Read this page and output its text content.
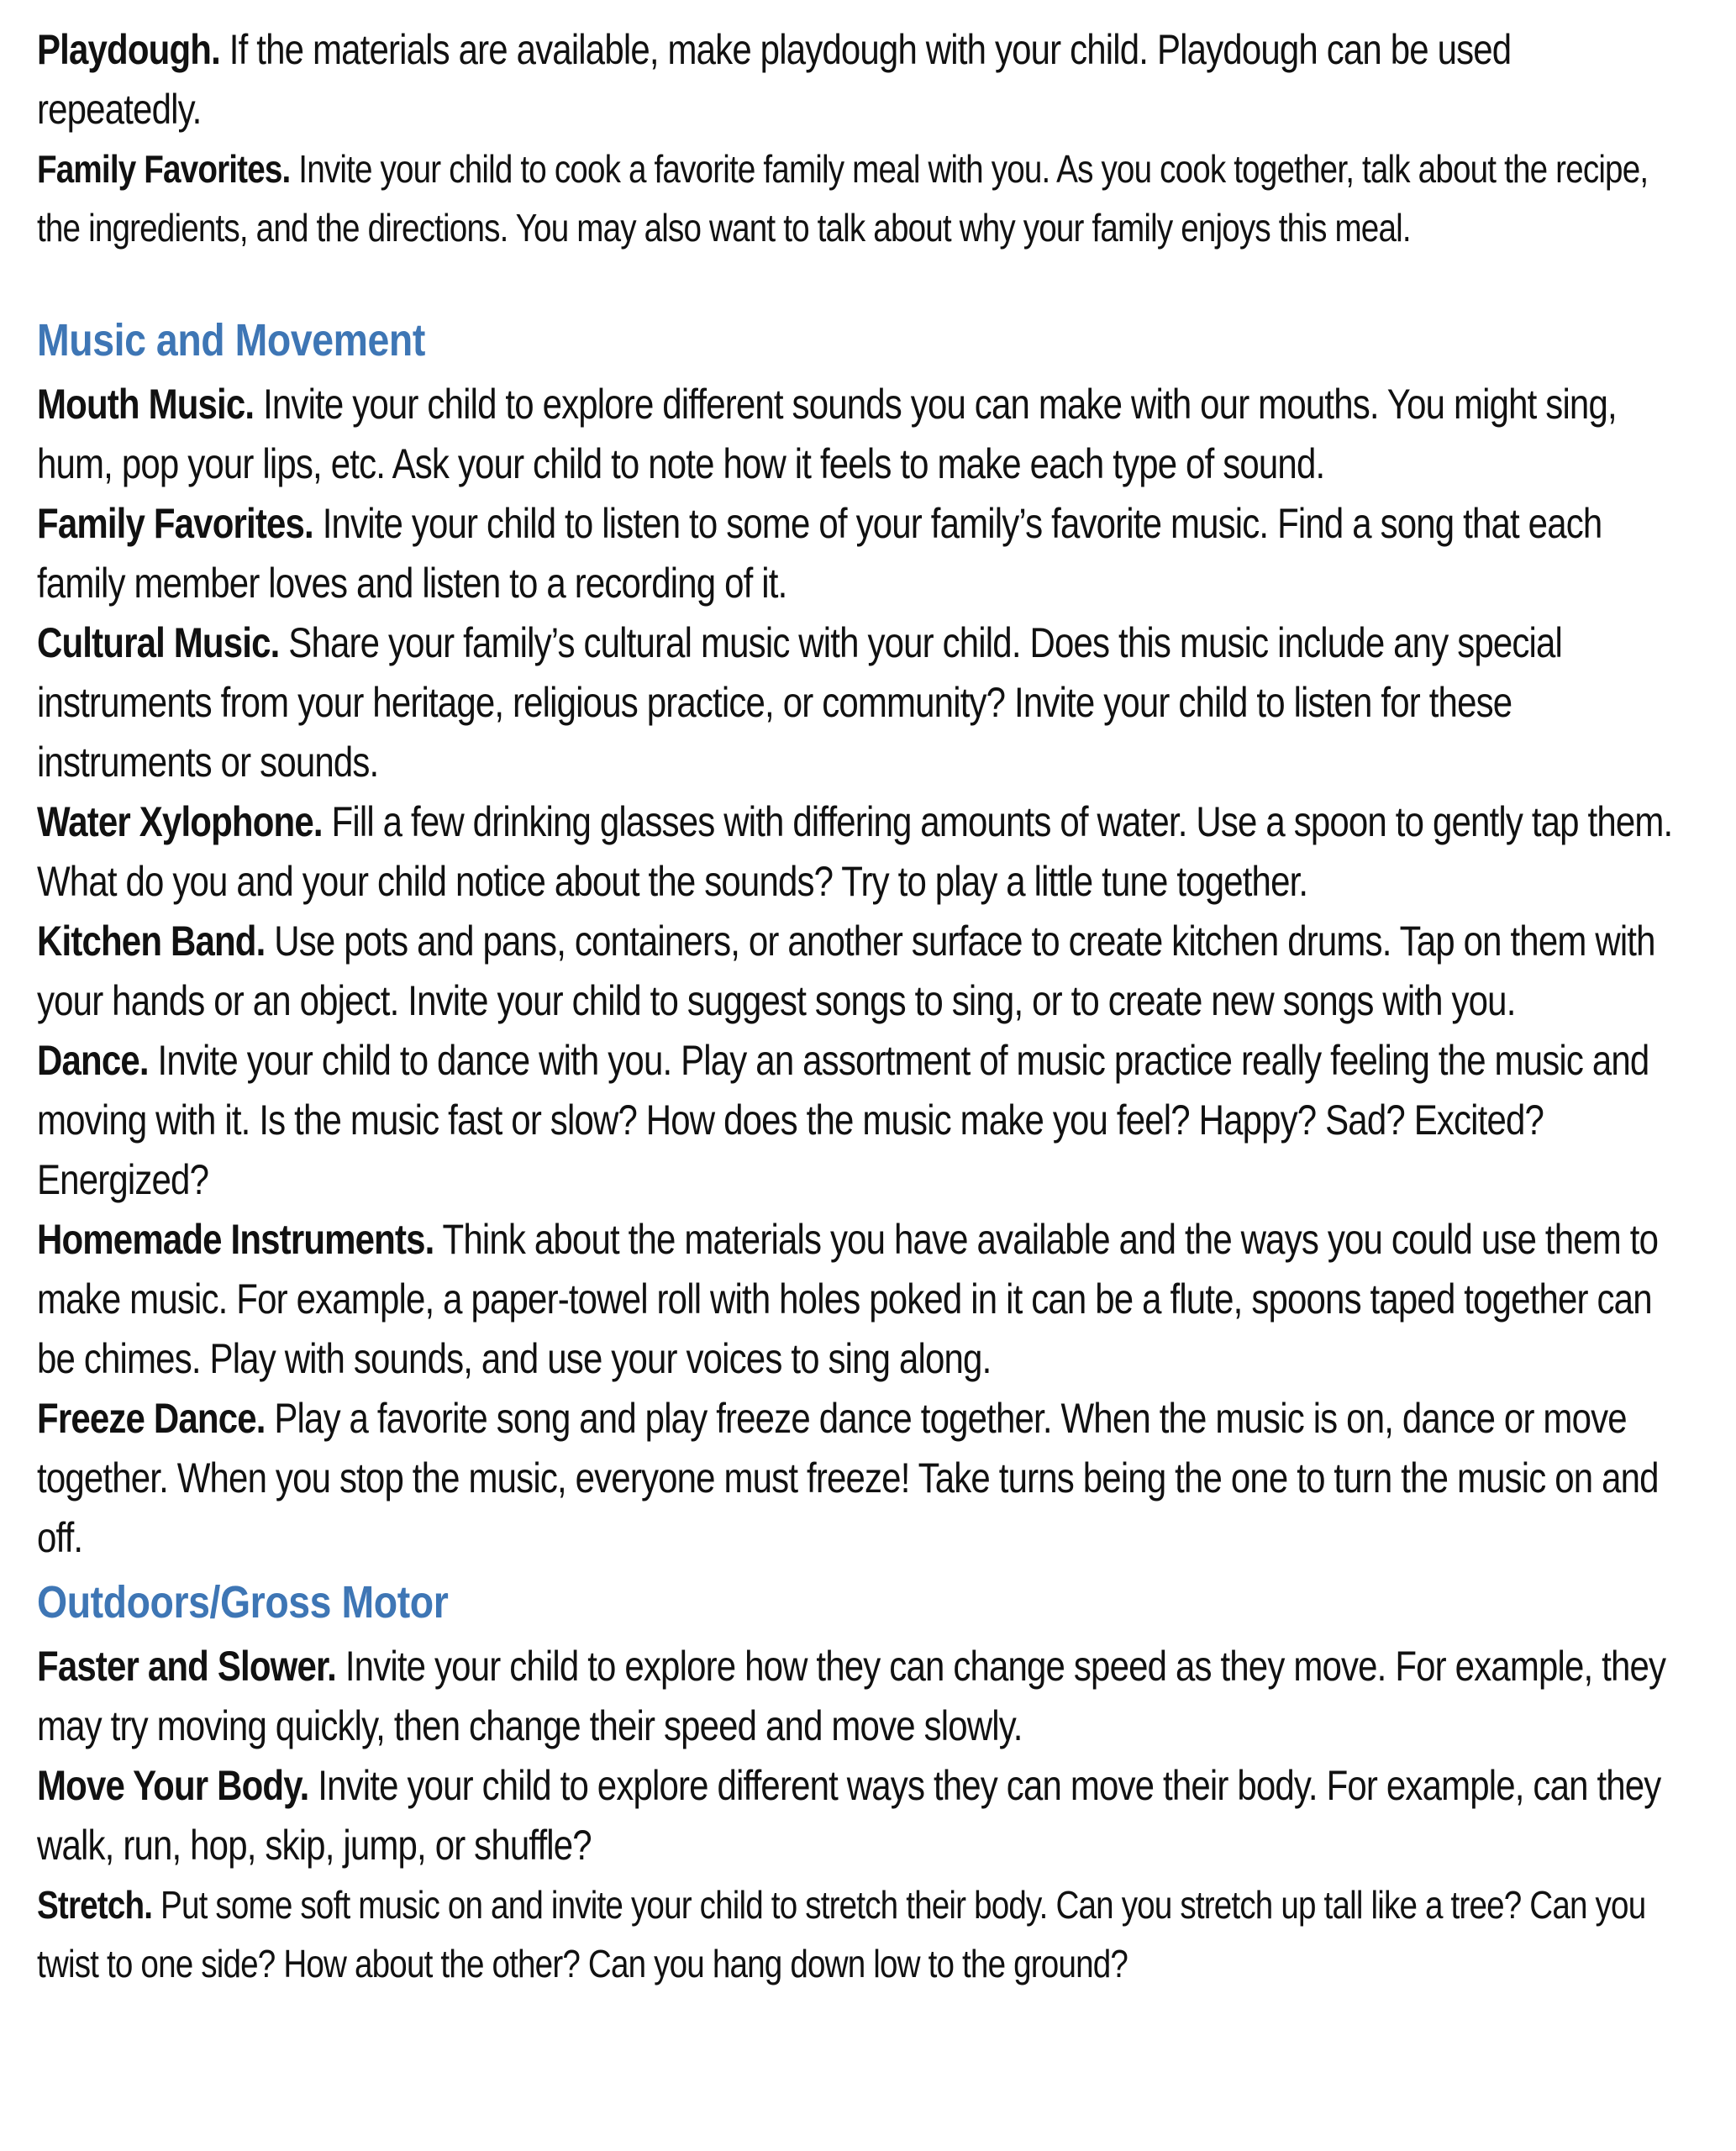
Playdough. If the materials are available, make playdough with your child. Playdough can be used repeatedly.

Family Favorites. Invite your child to cook a favorite family meal with you. As you cook together, talk about the recipe, the ingredients, and the directions. You may also want to talk about why your family enjoys this meal.

Music and Movement

Mouth Music. Invite your child to explore different sounds you can make with our mouths. You might sing, hum, pop your lips, etc. Ask your child to note how it feels to make each type of sound.

Family Favorites. Invite your child to listen to some of your family’s favorite music. Find a song that each family member loves and listen to a recording of it.

Cultural Music. Share your family’s cultural music with your child. Does this music include any special instruments from your heritage, religious practice, or community? Invite your child to listen for these instruments or sounds.

Water Xylophone. Fill a few drinking glasses with differing amounts of water. Use a spoon to gently tap them. What do you and your child notice about the sounds? Try to play a little tune together.

Kitchen Band. Use pots and pans, containers, or another surface to create kitchen drums. Tap on them with your hands or an object. Invite your child to suggest songs to sing, or to create new songs with you.

Dance. Invite your child to dance with you. Play an assortment of music practice really feeling the music and moving with it. Is the music fast or slow? How does the music make you feel? Happy? Sad? Excited? Energized?

Homemade Instruments. Think about the materials you have available and the ways you could use them to make music. For example, a paper-towel roll with holes poked in it can be a flute, spoons taped together can be chimes. Play with sounds, and use your voices to sing along.

Freeze Dance. Play a favorite song and play freeze dance together. When the music is on, dance or move together. When you stop the music, everyone must freeze! Take turns being the one to turn the music on and off.

Outdoors/Gross Motor

Faster and Slower. Invite your child to explore how they can change speed as they move. For example, they may try moving quickly, then change their speed and move slowly.

Move Your Body. Invite your child to explore different ways they can move their body. For example, can they walk, run, hop, skip, jump, or shuffle?

Stretch. Put some soft music on and invite your child to stretch their body. Can you stretch up tall like a tree? Can you twist to one side? How about the other? Can you hang down low to the ground?
